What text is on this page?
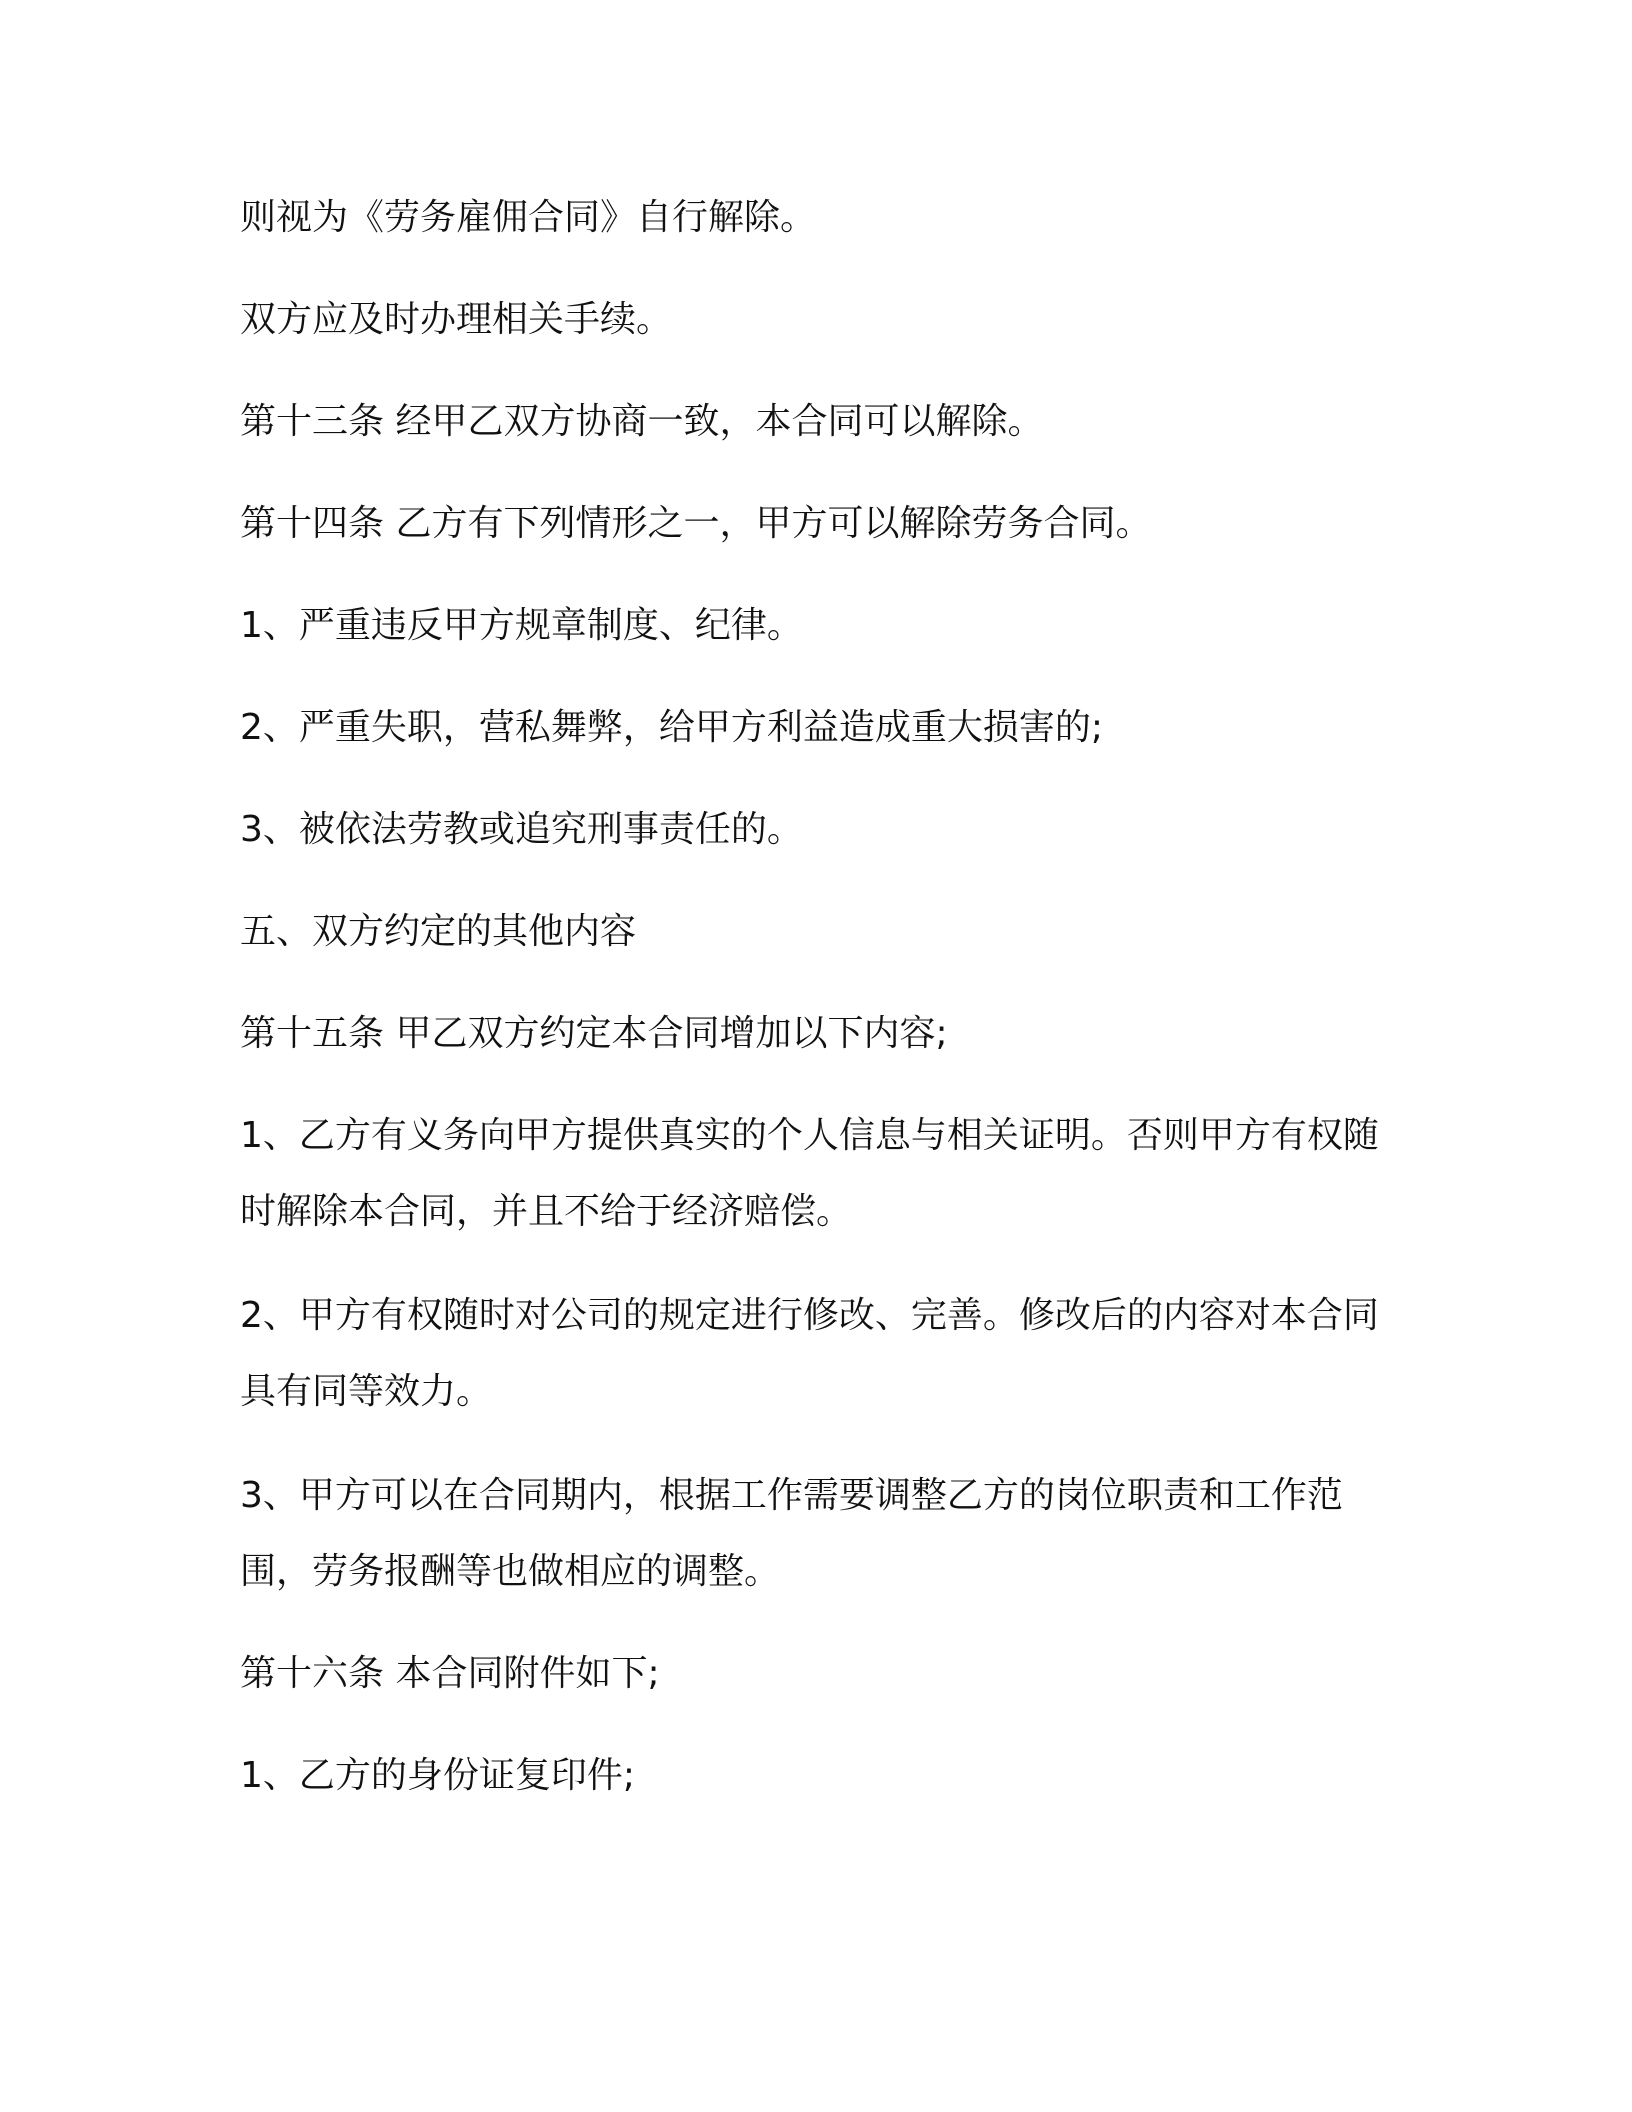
则视为《劳务雇佣合同》自行解除。

双方应及时办理相关手续。

第十三条 经甲乙双方协商一致，本合同可以解除。

第十四条 乙方有下列情形之一，甲方可以解除劳务合同。

1、严重违反甲方规章制度、纪律。

2、严重失职，营私舞弊，给甲方利益造成重大损害的;

3、被依法劳教或追究刑事责任的。

五、双方约定的其他内容

第十五条 甲乙双方约定本合同增加以下内容;

1、乙方有义务向甲方提供真实的个人信息与相关证明。否则甲方有权随时解除本合同，并且不给于经济赔偿。

2、甲方有权随时对公司的规定进行修改、完善。修改后的内容对本合同具有同等效力。

3、甲方可以在合同期内，根据工作需要调整乙方的岗位职责和工作范围，劳务报酬等也做相应的调整。

第十六条 本合同附件如下;

1、乙方的身份证复印件;
